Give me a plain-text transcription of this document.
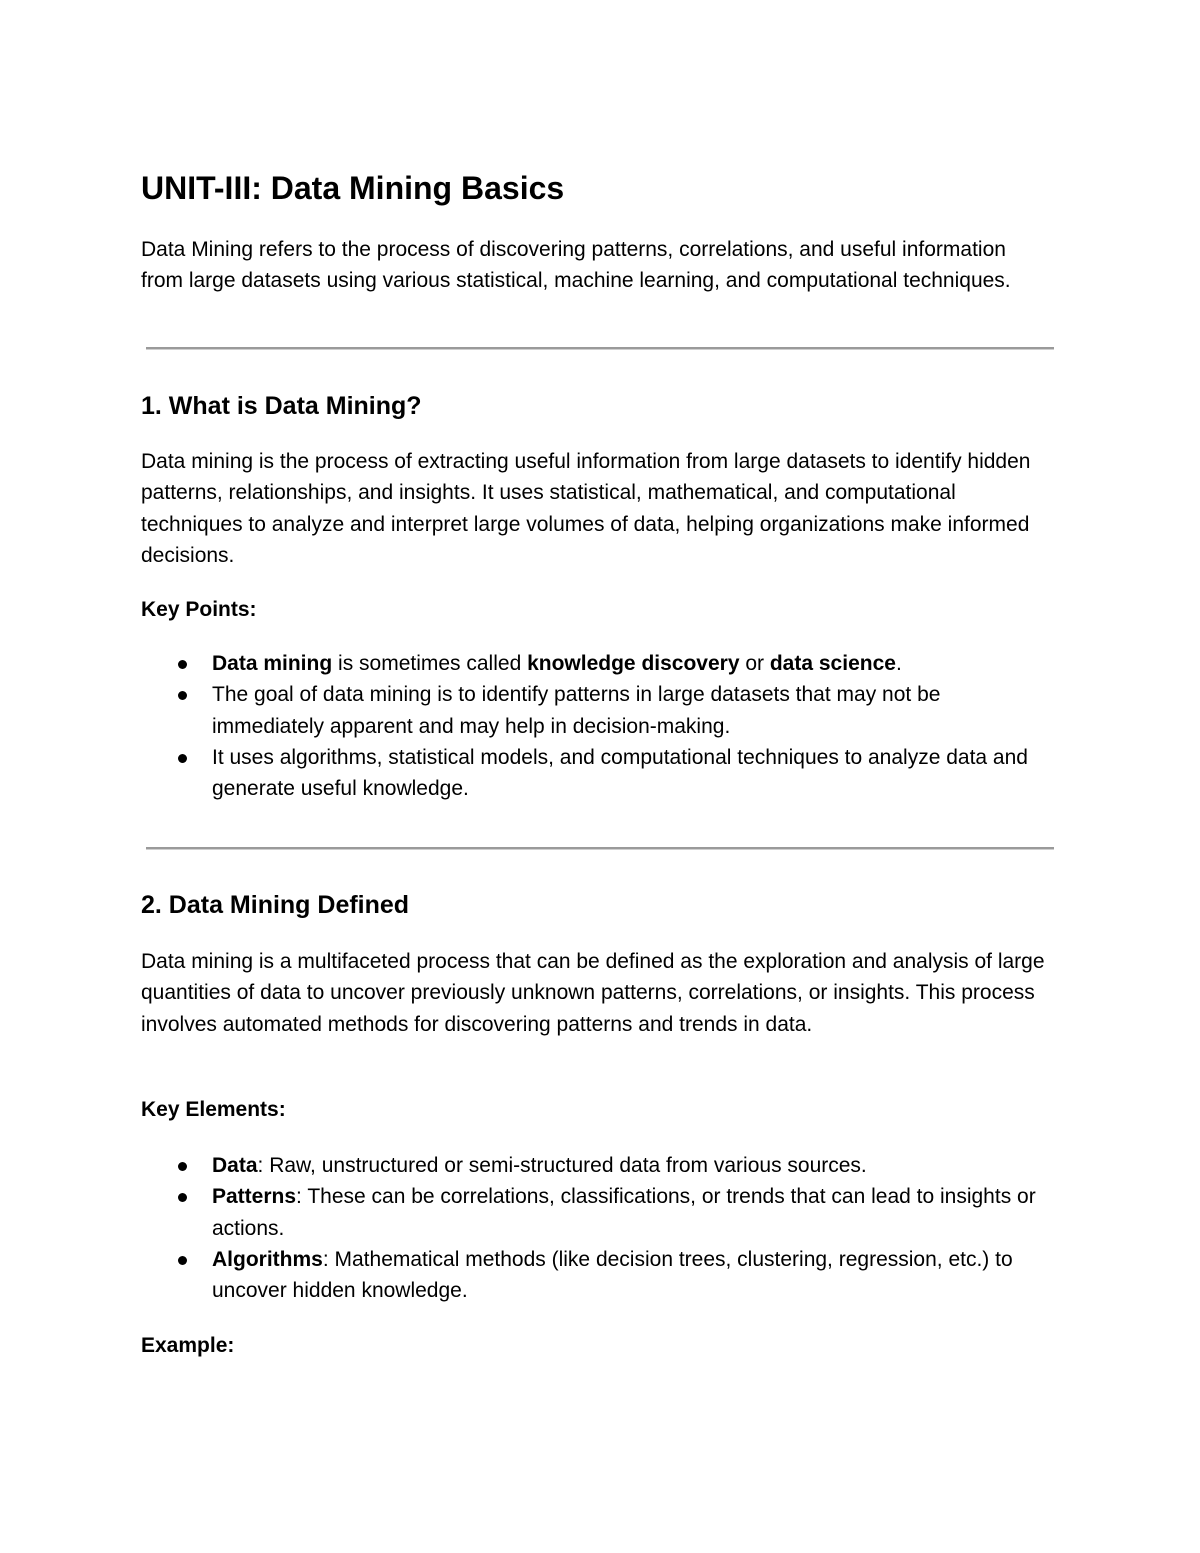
UNIT-III: Data Mining Basics

Data Mining refers to the process of discovering patterns, correlations, and useful information from large datasets using various statistical, machine learning, and computational techniques.

1. What is Data Mining?

Data mining is the process of extracting useful information from large datasets to identify hidden patterns, relationships, and insights. It uses statistical, mathematical, and computational techniques to analyze and interpret large volumes of data, helping organizations make informed decisions.

Key Points:

Data mining is sometimes called knowledge discovery or data science.
The goal of data mining is to identify patterns in large datasets that may not be immediately apparent and may help in decision-making.
It uses algorithms, statistical models, and computational techniques to analyze data and generate useful knowledge.
2. Data Mining Defined

Data mining is a multifaceted process that can be defined as the exploration and analysis of large quantities of data to uncover previously unknown patterns, correlations, or insights. This process involves automated methods for discovering patterns and trends in data.

Key Elements:

Data: Raw, unstructured or semi-structured data from various sources.
Patterns: These can be correlations, classifications, or trends that can lead to insights or actions.
Algorithms: Mathematical methods (like decision trees, clustering, regression, etc.) to uncover hidden knowledge.

Example:
